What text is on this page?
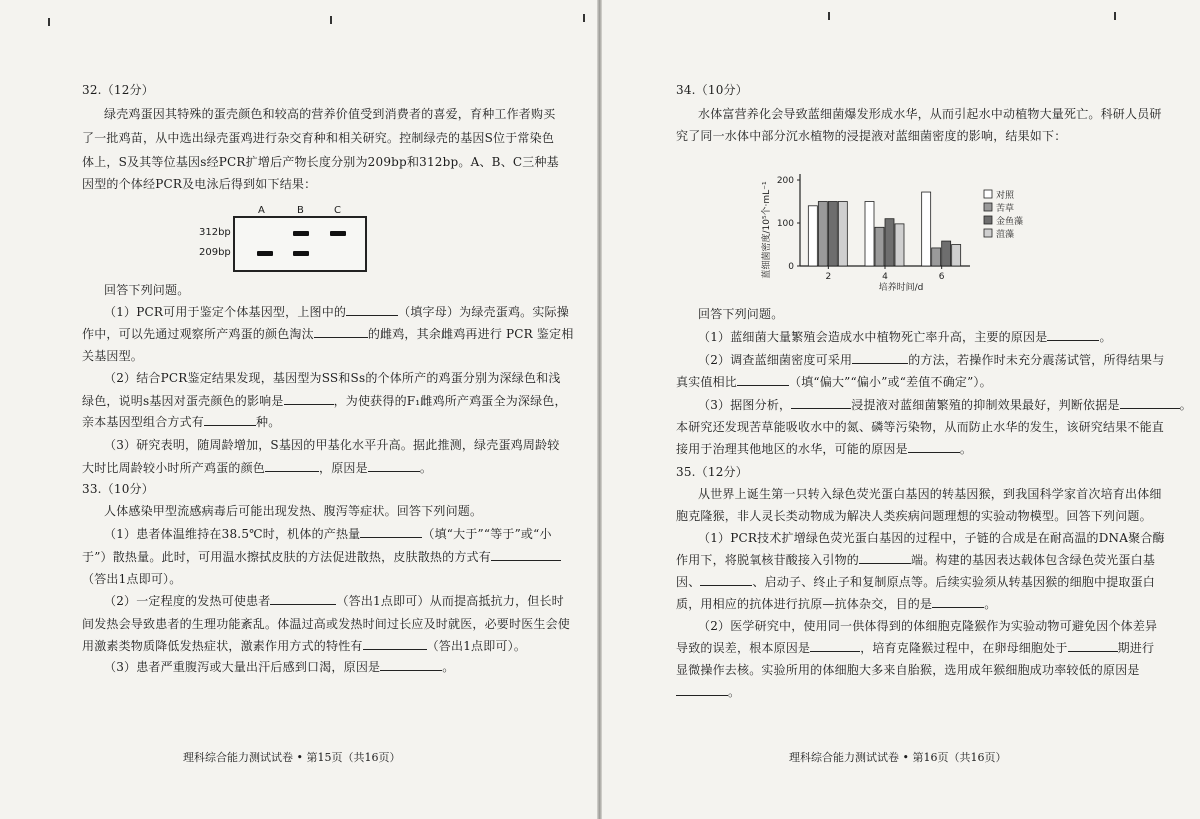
32.（12分）
绿壳鸡蛋因其特殊的蛋壳颜色和较高的营养价值受到消费者的喜爱，育种工作者购买
了一批鸡苗，从中选出绿壳蛋鸡进行杂交育种和相关研究。控制绿壳的基因S位于常染色
体上，S及其等位基因s经PCR扩增后产物长度分别为209bp和312bp。A、B、C三种基
因型的个体经PCR及电泳后得到如下结果：
A	B	C
312bp
209bp
回答下列问题。
（1）PCR可用于鉴定个体基因型，上图中的	（填字母）为绿壳蛋鸡。实际操
作中，可以先通过观察所产鸡蛋的颜色淘汰	的雌鸡，其余雌鸡再进行 PCR 鉴定相
关基因型。
（2）结合PCR鉴定结果发现，基因型为SS和Ss的个体所产的鸡蛋分别为深绿色和浅
绿色，说明s基因对蛋壳颜色的影响是	，为使获得的F₁雌鸡所产鸡蛋全为深绿色，
亲本基因型组合方式有	种。
（3）研究表明，随周龄增加，S基因的甲基化水平升高。据此推测，绿壳蛋鸡周龄较
大时比周龄较小时所产鸡蛋的颜色	，原因是	。
33.（10分）
人体感染甲型流感病毒后可能出现发热、腹泻等症状。回答下列问题。
（1）患者体温维持在38.5℃时，机体的产热量	（填“大于”“等于”或“小
于”）散热量。此时，可用温水擦拭皮肤的方法促进散热，皮肤散热的方式有
（答出1点即可）。
（2）一定程度的发热可使患者	（答出1点即可）从而提高抵抗力，但长时
间发热会导致患者的生理功能紊乱。体温过高或发热时间过长应及时就医，必要时医生会使
用激素类物质降低发热症状，激素作用方式的特性有	（答出1点即可）。
（3）患者严重腹泻或大量出汗后感到口渴，原因是	。
理科综合能力测试试卷 • 第15页（共16页）
34.（10分）
水体富营养化会导致蓝细菌爆发形成水华，从而引起水中动植物大量死亡。科研人员研
究了同一水体中部分沉水植物的浸提液对蓝细菌密度的影响，结果如下：
蓝细菌密度/10⁵个·mL⁻¹
培养时间/d
0
100
200
2	4	6
对照
苦草
金鱼藻
菹藻
回答下列问题。
（1）蓝细菌大量繁殖会造成水中植物死亡率升高，主要的原因是	。
（2）调查蓝细菌密度可采用	的方法，若操作时未充分震荡试管，所得结果与
真实值相比	（填“偏大”“偏小”或“差值不确定”）。
（3）据图分析，	浸提液对蓝细菌繁殖的抑制效果最好，判断依据是	。
本研究还发现苦草能吸收水中的氮、磷等污染物，从而防止水华的发生，该研究结果不能直
接用于治理其他地区的水华，可能的原因是	。
35.（12分）
从世界上诞生第一只转入绿色荧光蛋白基因的转基因猴，到我国科学家首次培育出体细
胞克隆猴，非人灵长类动物成为解决人类疾病问题理想的实验动物模型。回答下列问题。
（1）PCR技术扩增绿色荧光蛋白基因的过程中，子链的合成是在耐高温的DNA聚合酶
作用下，将脱氧核苷酸接入引物的	端。构建的基因表达载体包含绿色荧光蛋白基
因、	、启动子、终止子和复制原点等。后续实验须从转基因猴的细胞中提取蛋白
质，用相应的抗体进行抗原—抗体杂交，目的是	。
（2）医学研究中，使用同一供体得到的体细胞克隆猴作为实验动物可避免因个体差异
导致的误差，根本原因是	，培育克隆猴过程中，在卵母细胞处于	期进行
显微操作去核。实验所用的体细胞大多来自胎猴，选用成年猴细胞成功率较低的原因是
。
理科综合能力测试试卷 • 第16页（共16页）
